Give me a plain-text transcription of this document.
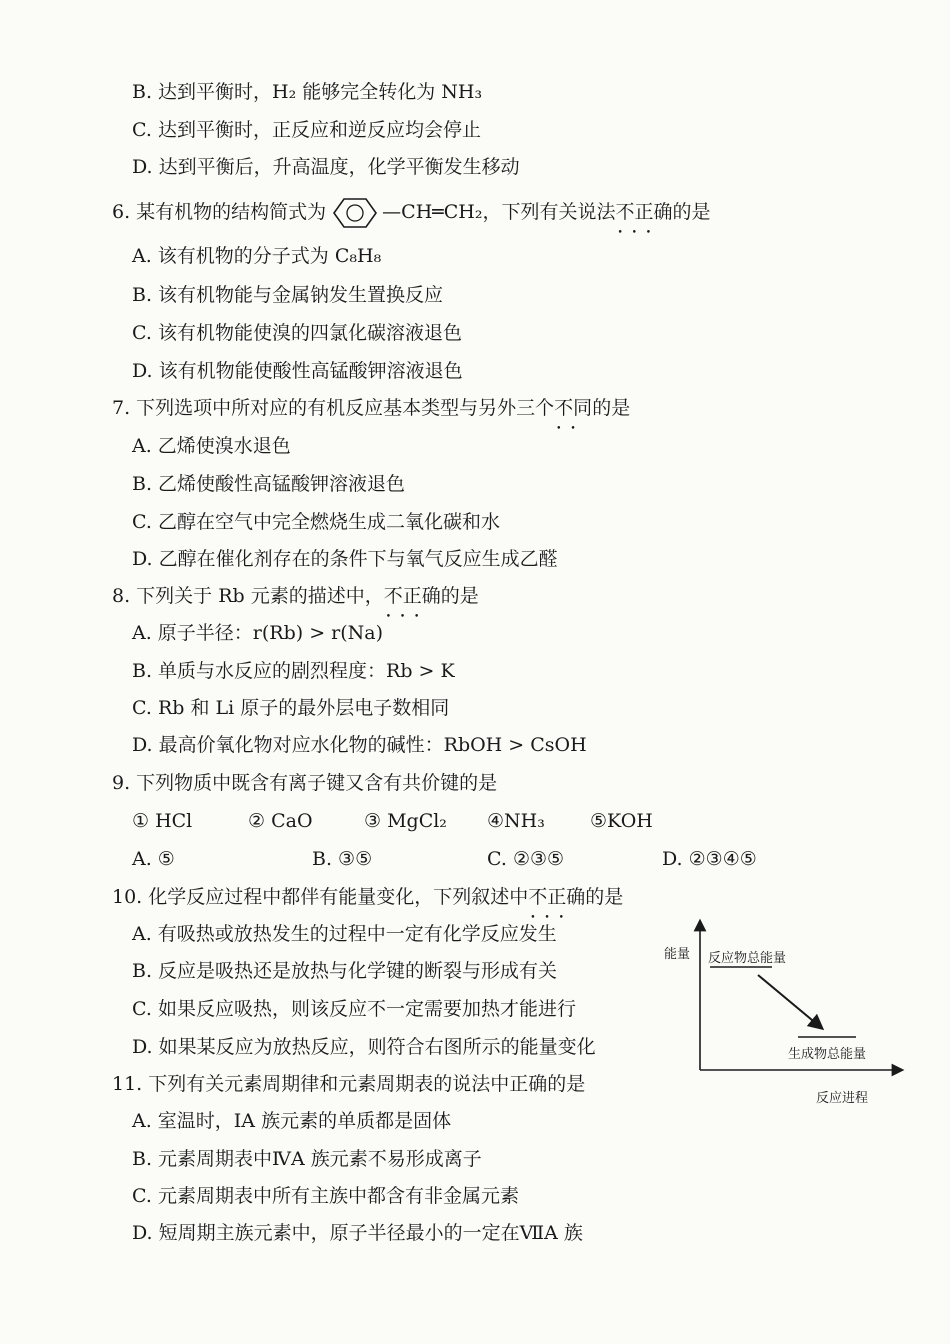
B. 达到平衡时，H₂ 能够完全转化为 NH₃
C. 达到平衡时，正反应和逆反应均会停止
D. 达到平衡后，升高温度，化学平衡发生移动
6. 某有机物的结构简式为	—CH═CH₂，下列有关说法不正确 • • •的是
A. 该有机物的分子式为 C₈H₈
B. 该有机物能与金属钠发生置换反应
C. 该有机物能使溴的四氯化碳溶液退色
D. 该有机物能使酸性高锰酸钾溶液退色
7. 下列选项中所对应的有机反应基本类型与另外三个不同 • •的是
A. 乙烯使溴水退色
B. 乙烯使酸性高锰酸钾溶液退色
C. 乙醇在空气中完全燃烧生成二氧化碳和水
D. 乙醇在催化剂存在的条件下与氧气反应生成乙醛
8. 下列关于 Rb 元素的描述中，不正确 • • •的是
A. 原子半径：r(Rb) > r(Na)
B. 单质与水反应的剧烈程度：Rb > K
C. Rb 和 Li 原子的最外层电子数相同
D. 最高价氧化物对应水化物的碱性：RbOH > CsOH
9. 下列物质中既含有离子键又含有共价键的是
① HCl	② CaO	③ MgCl₂ ④NH₃ ⑤KOH
A. ⑤	B. ③⑤	C. ②③⑤	D. ②③④⑤
10. 化学反应过程中都伴有能量变化，下列叙述中不正确 • • •的是
A. 有吸热或放热发生的过程中一定有化学反应发生
B. 反应是吸热还是放热与化学键的断裂与形成有关
C. 如果反应吸热，则该反应不一定需要加热才能进行
D. 如果某反应为放热反应，则符合右图所示的能量变化
能量 反应物总能量
生成物总能量
反应进程
11. 下列有关元素周期律和元素周期表的说法中正确的是
A. 室温时，IA 族元素的单质都是固体
B. 元素周期表中ⅣA 族元素不易形成离子
C. 元素周期表中所有主族中都含有非金属元素
D. 短周期主族元素中，原子半径最小的一定在ⅦA 族
